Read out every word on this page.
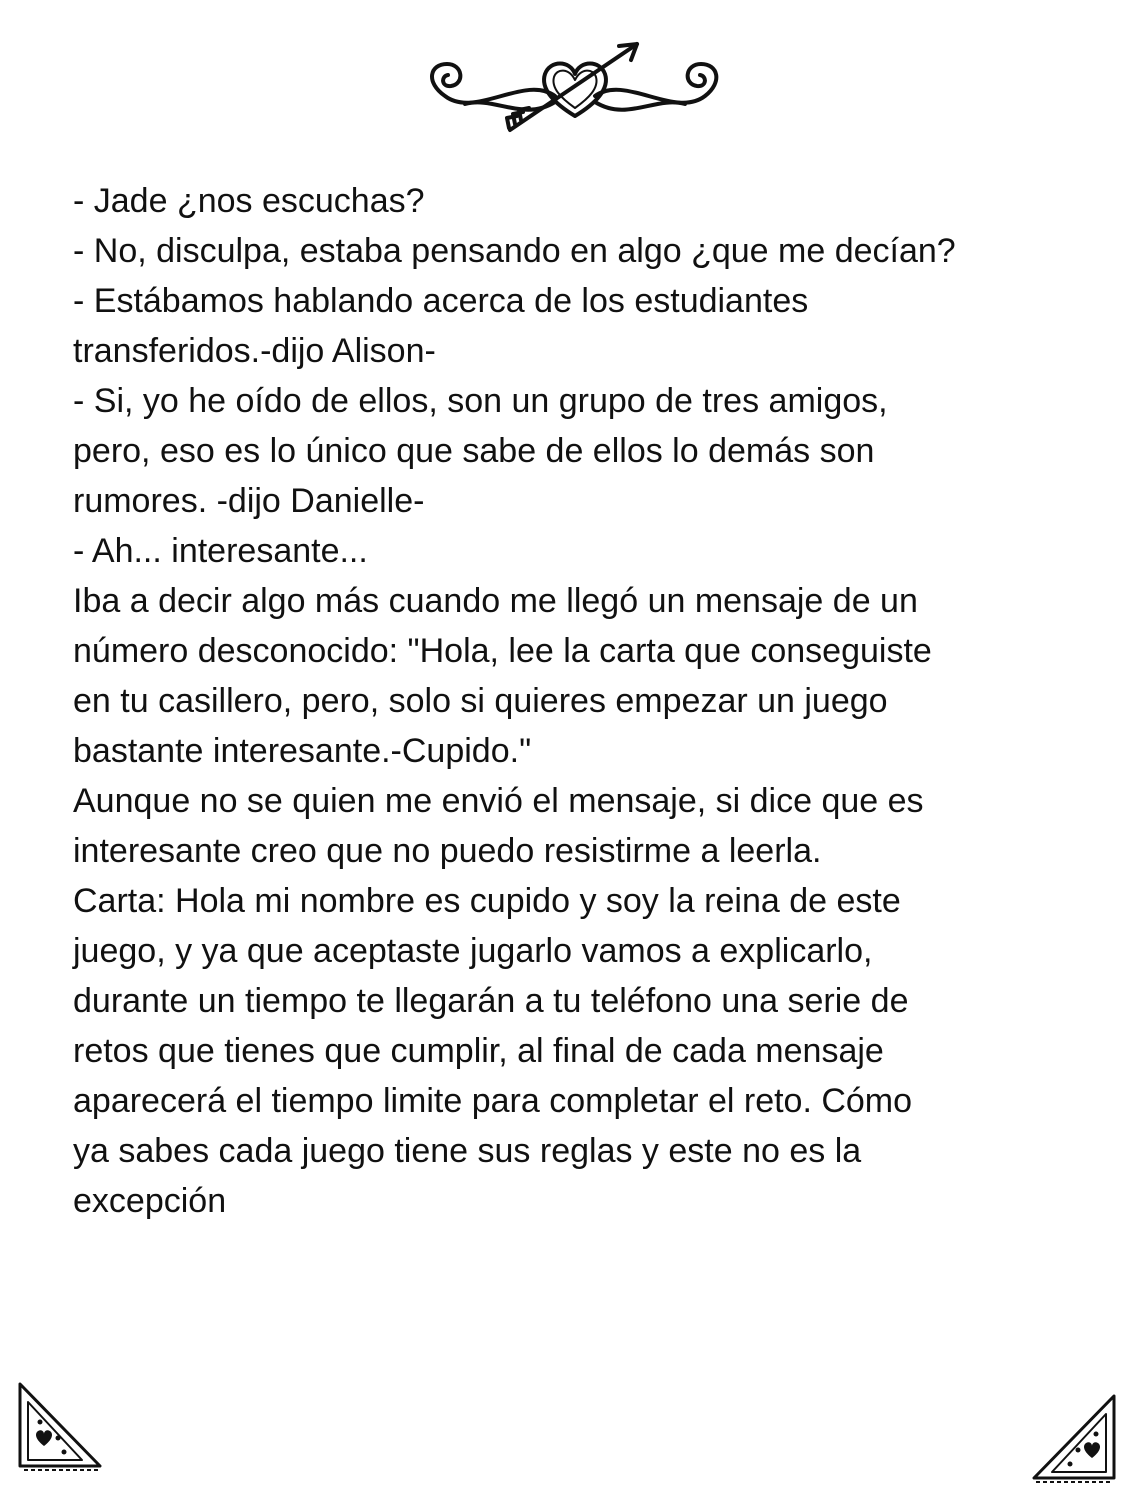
- Jade ¿nos escuchas?
- No, disculpa, estaba pensando en algo ¿que me decían?
- Estábamos hablando acerca de los estudiantes
transferidos.-dijo Alison-
- Si, yo he oído de ellos, son un grupo de tres amigos,
pero, eso es lo único que sabe de ellos lo demás son
rumores. -dijo Danielle-
- Ah... interesante...
Iba a decir algo más cuando me llegó un mensaje de un
número desconocido: "Hola, lee la carta que conseguiste
en tu casillero, pero, solo si quieres empezar un juego
bastante interesante.-Cupido."
Aunque no se quien me envió el mensaje, si dice que es
interesante creo que no puedo resistirme a leerla.
Carta: Hola mi nombre es cupido y soy la reina de este
juego, y ya que aceptaste jugarlo vamos a explicarlo,
durante un tiempo te llegarán a tu teléfono una serie de
retos que tienes que cumplir, al final de cada mensaje
aparecerá el tiempo limite para completar el reto. Cómo
ya sabes cada juego tiene sus reglas y este no es la
excepción
